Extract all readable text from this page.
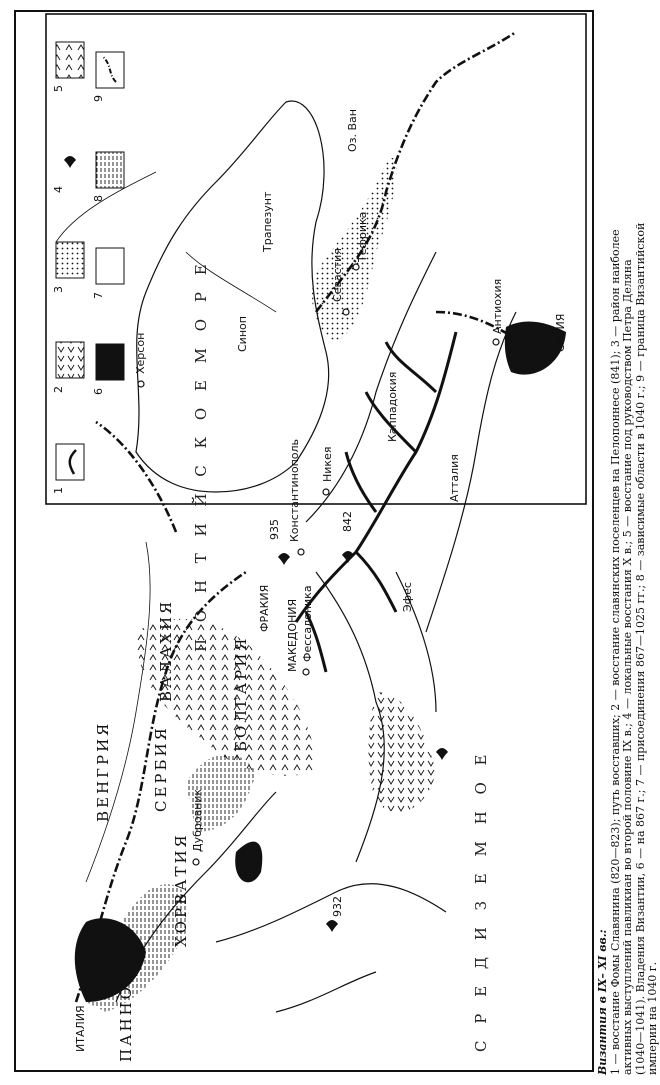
1
2
3
4
5
6
7
8
9
ВЕНГРИЯ
ХОРВАТИЯ
СЕРБИЯ
ВАЛАХИЯ	БОЛГАРИЯ
МАКЕДОНИЯ
ФРАКИЯ
Каппадокия
Атталия
СИРИЯ
ИТАЛИЯ ПАННОНИЯ
П О Н Т И Й С К О Е М О Р Е
С Р Е Д И З Е М Н О Е
Константинополь Никея
Севастия
Тефрика
Антиохия
Дубровник
Фессалоника
Трапезунт
Херсон
Оз. Ван
Эфес
Синоп
842
932
935

Византия в IX– XI вв.: 1 — восстание Фомы Славянина (820—823); путь восставших; 2 — восстание славянских поселенцев на Пелопоннесе (841); 3 — район наиболее активных выступлений павликиан во второй половине IX в.; 4 — локальные восстания X в.; 5 — восстание под руководством Петра Деляна (1040—1041). Владения Византии, 6 — на 867 г.; 7 — присоединения 867—1025 гг.; 8 — зависимые области в 1040 г.; 9 — граница Византийской империи на 1040 г.
